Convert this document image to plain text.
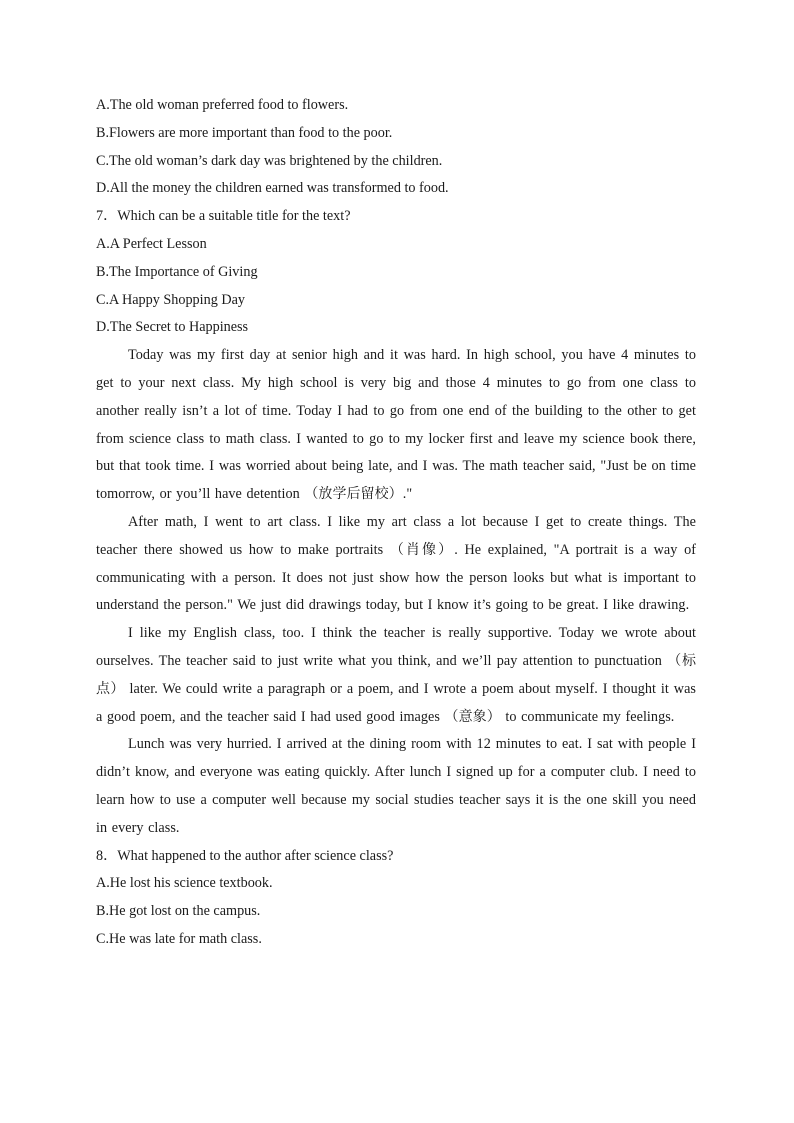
A.The old woman preferred food to flowers.
B.Flowers are more important than food to the poor.
C.The old woman’s dark day was brightened by the children.
D.All the money the children earned was transformed to food.
7．Which can be a suitable title for the text?
A.A Perfect Lesson
B.The Importance of Giving
C.A Happy Shopping Day
D.The Secret to Happiness
Today was my first day at senior high and it was hard. In high school, you have 4 minutes to get to your next class. My high school is very big and those 4 minutes to go from one class to another really isn’t a lot of time. Today I had to go from one end of the building to the other to get from science class to math class. I wanted to go to my locker first and leave my science book there, but that took time. I was worried about being late, and I was. The math teacher said, "Just be on time tomorrow, or you’ll have detention （放学后留校）."
After math, I went to art class. I like my art class a lot because I get to create things. The teacher there showed us how to make portraits （肖像）. He explained, "A portrait is a way of communicating with a person. It does not just show how the person looks but what is important to understand the person." We just did drawings today, but I know it’s going to be great. I like drawing.
I like my English class, too. I think the teacher is really supportive. Today we wrote about ourselves. The teacher said to just write what you think, and we’ll pay attention to punctuation （标点） later. We could write a paragraph or a poem, and I wrote a poem about myself. I thought it was a good poem, and the teacher said I had used good images （意象） to communicate my feelings.
Lunch was very hurried. I arrived at the dining room with 12 minutes to eat. I sat with people I didn’t know, and everyone was eating quickly. After lunch I signed up for a computer club. I need to learn how to use a computer well because my social studies teacher says it is the one skill you need in every class.
8．What happened to the author after science class?
A.He lost his science textbook.
B.He got lost on the campus.
C.He was late for math class.
